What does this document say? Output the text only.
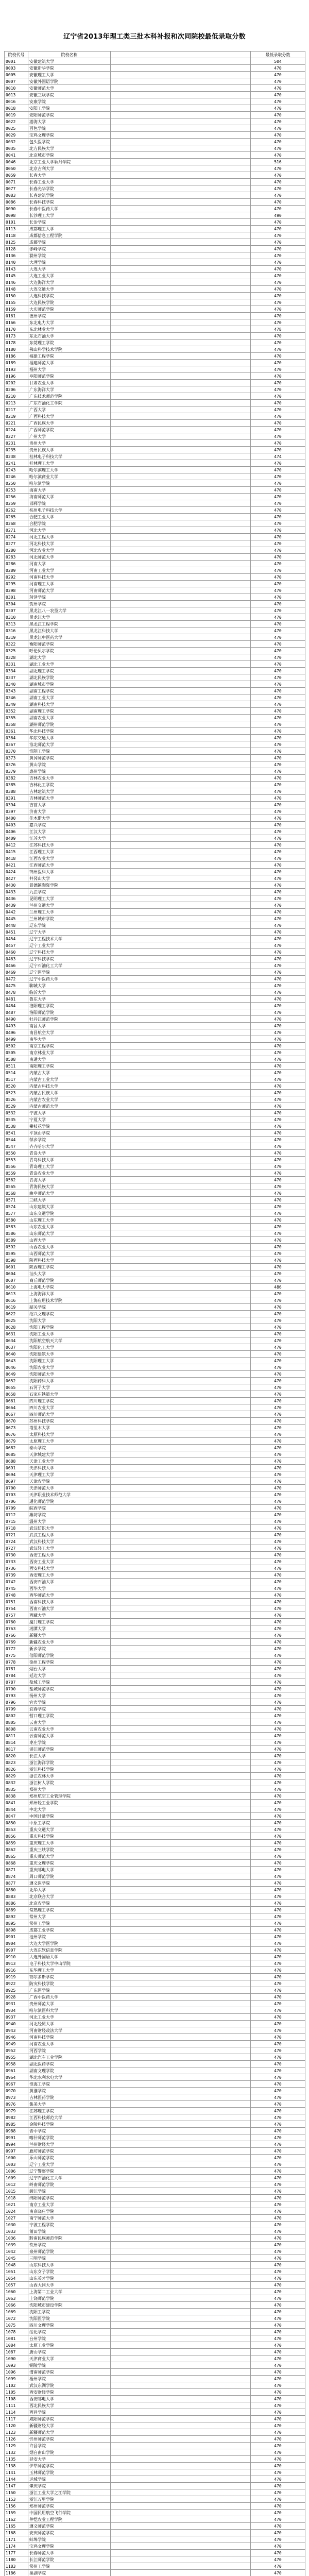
辽宁省2013年理工类三批本科补报和次同院校最低录取分数
院校代号	院校名称		最低录取分数
0001	安徽建筑大学		504
0003	安徽新华学院		470
0005	安徽理工大学		470
0007	安徽外国语学院		470
0010	安徽师范大学		470
0013	安徽三联学院		470
0016	安康学院		470
0018	安阳工学院		470
0019	安阳师范学院		470
0022	渤海大学		470
0025	百色学院		470
0029	宝鸡文理学院		470
0032	包头医学院		470
0035	北方民族大学		470
0041	北京城市学院		470
0046	北京工业大学耿丹学院		516
0050	北京吉利大学		470
0059	长春大学		470
0071	长春工业大学		470
0077	长春光华学院		470
0083	长春建筑学院		470
0086	长春科技学院		470
0090	长春中医药大学		470
0098	长沙理工大学		490
0101	长治学院		470
0113	成都理工大学		470
0118	成都信息工程学院		470
0125	成都学院		470
0128	赤峰学院		470
0136	滁州学院		470
0140	大理学院		470
0143	大连大学		470
0145	大连工业大学		470
0146	大连海洋大学		470
0148	大连交通大学		470
0150	大连科技学院		470
0155	大连民族学院		470
0159	大庆师范学院		470
0161	德州学院		470
0166	东北电力大学		470
0170	东北林业大学		478
0173	东北石油大学		470
0178	东莞理工学院		470
0180	佛山科学技术学院		470
0186	福建工程学院		470
0189	福建师范大学		470
0193	福州大学		470
0196	阜阳师范学院		470
0202	甘肃农业大学		470
0206	广东海洋大学		470
0210	广东技术师范学院		470
0213	广东石油化工学院		470
0217	广西大学		470
0219	广西科技大学		470
0221	广西民族大学		470
0224	广西师范学院		470
0227	广州大学		470
0231	贵州大学		470
0235	贵州民族大学		470
0238	桂林电子科技大学		474
0241	桂林理工大学		470
0243	哈尔滨理工大学		470
0246	哈尔滨商业大学		470
0250	哈尔滨学院		470
0253	海南大学		470
0256	海南师范大学		470
0259	邯郸学院		470
0262	杭州电子科技大学		470
0265	合肥工业大学		470
0268	合肥学院		470
0271	河北大学		470
0274	河北工程大学		470
0277	河北科技大学		470
0280	河北农业大学		470
0283	河北师范大学		470
0286	河南大学		470
0289	河南工业大学		470
0292	河南科技大学		470
0295	河南理工大学		470
0298	河南师范大学		470
0301	菏泽学院		470
0304	贺州学院		470
0307	黑龙江八一农垦大学		470
0310	黑龙江大学		470
0313	黑龙江工程学院		470
0316	黑龙江科技大学		470
0319	黑龙江中医药大学		470
0322	衡阳师范学院		470
0325	呼伦贝尔学院		470
0328	湖北大学		470
0331	湖北工业大学		470
0334	湖北理工学院		470
0337	湖北民族学院		470
0340	湖南城市学院		470
0343	湖南工程学院		470
0346	湖南工业大学		470
0349	湖南科技大学		470
0352	湖南理工学院		470
0355	湖南农业大学		470
0358	湖州师范学院		470
0361	华北科技学院		470
0364	华东交通大学		470
0367	淮北师范大学		470
0370	淮阴工学院		470
0373	黄冈师范学院		470
0376	黄山学院		470
0379	惠州学院		470
0382	吉林农业大学		470
0385	吉林化工学院		470
0388	吉林建筑大学		470
0391	吉林师范大学		470
0394	吉首大学		470
0397	济南大学		470
0400	佳木斯大学		470
0403	嘉兴学院		470
0406	江汉大学		470
0409	江苏大学		470
0412	江苏科技大学		470
0415	江西理工大学		470
0418	江西农业大学		470
0421	江西师范大学		470
0424	锦州医科大学		470
0427	井冈山大学		470
0430	景德镇陶瓷学院		470
0433	九江学院		470
0436	昆明理工大学		470
0439	兰州交通大学		470
0442	兰州理工大学		470
0445	兰州城市学院		470
0448	辽东学院		470
0451	辽宁大学		470
0454	辽宁工程技术大学		470
0457	辽宁工业大学		470
0460	辽宁科技大学		470
0463	辽宁科技学院		470
0466	辽宁石油化工大学		470
0469	辽宁医学院		470
0472	辽宁中医药大学		470
0475	聊城大学		470
0478	临沂大学		470
0481	鲁东大学		470
0484	洛阳理工学院		470
0487	洛阳师范学院		470
0490	牡丹江师范学院		470
0493	南昌大学		470
0496	南昌航空大学		470
0499	南华大学		470
0502	南京工程学院		470
0505	南京林业大学		470
0508	南通大学		470
0511	南阳理工学院		470
0514	内蒙古大学		470
0517	内蒙古工业大学		470
0520	内蒙古科技大学		470
0523	内蒙古民族大学		470
0526	内蒙古农业大学		470
0529	内蒙古师范大学		470
0532	宁波大学		470
0535	宁夏大学		470
0538	攀枝花学院		470
0541	平顶山学院		470
0544	萍乡学院		470
0547	齐齐哈尔大学		470
0550	青岛大学		470
0553	青岛科技大学		470
0556	青岛理工大学		470
0559	青岛农业大学		470
0562	青海大学		470
0565	青海民族大学		470
0568	曲阜师范大学		470
0571	三峡大学		470
0574	山东建筑大学		470
0577	山东交通学院		470
0580	山东理工大学		470
0583	山东农业大学		470
0586	山东师范大学		470
0589	山西大学		470
0592	山西农业大学		470
0595	山西师范大学		470
0598	陕西科技大学		470
0601	陕西理工学院		470
0604	汕头大学		470
0607	商丘师范学院		470
0610	上海电力学院		486
0613	上海海洋大学		470
0616	上海应用技术学院		470
0619	韶关学院		470
0622	绍兴文理学院		470
0625	沈阳大学		470
0628	沈阳工程学院		470
0631	沈阳工业大学		470
0634	沈阳航空航天大学		470
0637	沈阳化工大学		470
0640	沈阳建筑大学		470
0643	沈阳理工大学		470
0646	沈阳农业大学		470
0649	沈阳师范大学		470
0652	沈阳药科大学		470
0655	石河子大学		470
0658	石家庄铁道大学		470
0661	四川理工学院		470
0664	四川农业大学		470
0667	四川师范大学		470
0670	苏州科技学院		470
0673	塔里木大学		470
0676	太原科技大学		470
0679	太原理工大学		470
0682	泰山学院		470
0685	天津城建大学		470
0688	天津工业大学		470
0691	天津科技大学		470
0694	天津理工大学		470
0697	天津农学院		470
0700	天津师范大学		470
0703	天津职业技术师范大学		470
0706	通化师范学院		470
0709	皖西学院		470
0712	潍坊学院		470
0715	温州大学		470
0718	武汉纺织大学		470
0721	武汉工程大学		470
0724	武汉科技大学		470
0727	武汉轻工大学		470
0730	西安工程大学		470
0733	西安工业大学		470
0736	西安科技大学		470
0739	西安理工大学		470
0742	西安石油大学		470
0745	西华大学		470
0748	西华师范大学		470
0751	西南科技大学		470
0754	西南石油大学		470
0757	西藏大学		470
0760	厦门理工学院		470
0763	湘潭大学		470
0766	新疆大学		470
0769	新疆农业大学		470
0772	新乡学院		470
0775	信阳师范学院		470
0778	徐州工程学院		470
0781	烟台大学		470
0784	延边大学		470
0787	盐城工学院		470
0790	盐城师范学院		470
0793	扬州大学		470
0796	宜宾学院		470
0799	宜春学院		470
0802	营口理工学院		470
0805	云南大学		470
0808	云南农业大学		470
0811	云南师范大学		470
0814	枣庄学院		470
0817	湛江师范学院		470
0820	长江大学		470
0823	浙江海洋学院		470
0826	浙江科技学院		470
0829	浙江农林大学		470
0832	浙江树人学院		470
0835	郑州大学		470
0838	郑州航空工业管理学院		470
0841	郑州轻工业学院		470
0844	中北大学		470
0847	中国计量学院		470
0850	中原工学院		470
0853	重庆交通大学		470
0856	重庆科技学院		470
0859	重庆理工大学		470
0862	重庆三峡学院		470
0865	重庆师范大学		470
0868	重庆文理学院		470
0871	重庆邮电大学		470
0874	周口师范学院		470
0877	遵义医学院		470
0880	北华大学		470
0883	北京联合大学		470
0886	北京农学院		470
0889	常熟理工学院		470
0892	常州大学		470
0895	常州工学院		470
0898	成都工业学院		470
0901	池州学院		470
0904	大连大学医学院		470
0907	大连东软信息学院		470
0910	大连外国语大学		470
0913	电子科技大学中山学院		470
0916	东华理工大学		470
0919	鄂尔多斯学院		470
0922	防灾科技学院		470
0925	广东医学院		470
0928	广西中医药大学		470
0931	贵州师范大学		470
0934	哈尔滨医科大学		470
0937	河北工业大学		470
0940	河北经贸大学		470
0943	河南财经政法大学		470
0946	河南科技学院		470
0949	河南农业大学		470
0952	河西学院		470
0955	湖北汽车工业学院		470
0958	湖北医药学院		470
0961	湖南文理学院		470
0964	华北水利水电大学		470
0967	淮海工学院		470
0970	黄淮学院		470
0973	吉林医药学院		470
0976	集美大学		470
0979	江苏理工学院		470
0982	江西科技师范大学		470
0985	金陵科技学院		470
0988	晋中学院		470
0991	喀什师范学院		470
0994	兰州财经大学		470
0997	廊坊师范学院		470
1000	乐山师范学院		470
1003	辽宁工业大学		470
1006	辽宁警察学院		470
1009	辽宁石油化工大学		470
1012	岭南师范学院		470
1015	闽江学院		470
1018	绵阳师范学院		470
1021	南京工业大学		470
1024	南京晓庄学院		470
1027	南宁师范大学		470
1030	宁波工程学院		470
1033	莆田学院		470
1036	黔南民族师范学院		470
1039	钦州学院		470
1042	泉州师范学院		470
1045	三明学院		470
1048	山东科技大学		470
1051	山东女子学院		470
1054	山东英才学院		470
1057	山西大同大学		470
1060	上海第二工业大学		470
1063	上饶师范学院		470
1066	沈阳城市建设学院		470
1069	沈阳工学院		470
1072	沈阳医学院		470
1075	四川文理学院		470
1078	绥化学院		470
1081	台州学院		470
1084	太原工业学院		470
1087	唐山学院		470
1090	天津商业大学		470
1093	铜陵学院		470
1096	渭南师范学院		470
1099	梧州学院		470
1102	武汉东湖学院		470
1105	西安财经学院		470
1108	西安邮电大学		470
1111	西北民族大学		470
1114	西昌学院		470
1117	咸阳师范学院		470
1120	新疆财经大学		470
1123	新疆师范大学		470
1126	忻州师范学院		470
1129	许昌学院		470
1132	烟台南山学院		470
1135	延安大学		470
1138	伊犁师范学院		470
1141	玉林师范学院		470
1144	运城学院		470
1147	肇庆学院		470
1150	浙江工业大学之江学院		470
1153	浙江万里学院		470
1156	郑州师范学院		470
1159	中国民用航空飞行学院		470
1162	仲恺农业工程学院		470
1165	遵义师范学院		470
1168	安庆师范学院		470
1171	蚌埠学院		470
1174	宝鸡文理学院		470
1177	长春师范大学		470
1180	长江师范学院		470
1183	常州工学院		470
1186	巢湖学院		470
